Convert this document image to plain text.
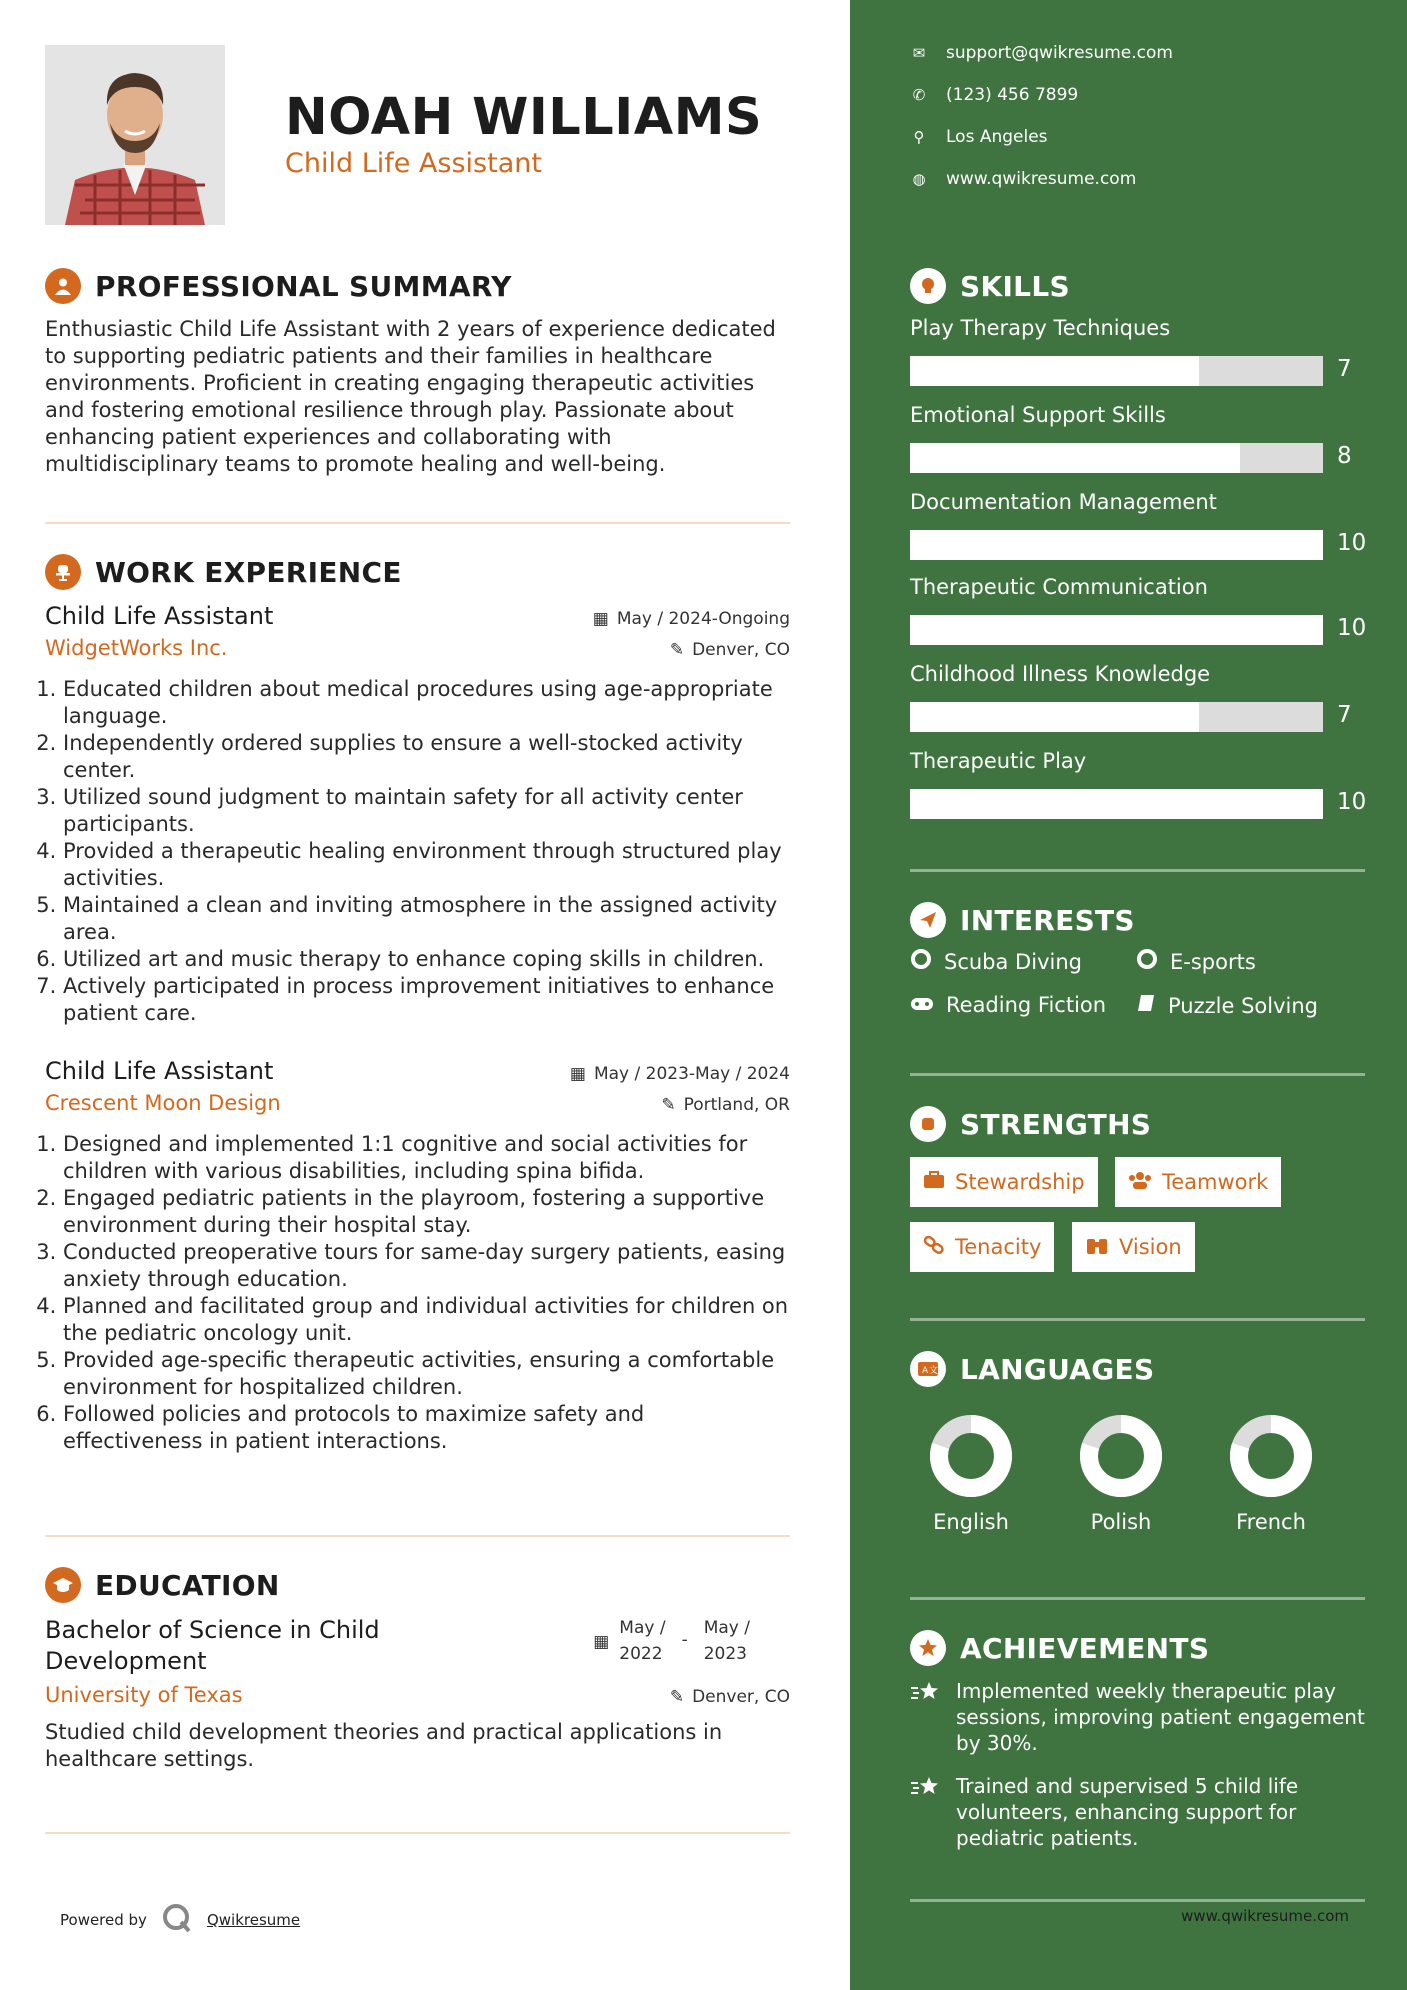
NOAH WILLIAMS
Child Life Assistant
PROFESSIONAL SUMMARY

Enthusiastic Child Life Assistant with 2 years of experience dedicated to supporting pediatric patients and their families in healthcare environments. Proficient in creating engaging therapeutic activities and fostering emotional resilience through play. Passionate about enhancing patient experiences and collaborating with multidisciplinary teams to promote healing and well-being.

WORK EXPERIENCE
Child Life Assistant	▦ May / 2024-Ongoing
WidgetWorks Inc.	✎ Denver, CO
1. Educated children about medical procedures using age-appropriate language.
2. Independently ordered supplies to ensure a well-stocked activity center.
3. Utilized sound judgment to maintain safety for all activity center participants.
4. Provided a therapeutic healing environment through structured play activities.
5. Maintained a clean and inviting atmosphere in the assigned activity area.
6. Utilized art and music therapy to enhance coping skills in children.
7. Actively participated in process improvement initiatives to enhance patient care.
Child Life Assistant	▦ May / 2023-May / 2024
Crescent Moon Design	✎ Portland, OR
1. Designed and implemented 1:1 cognitive and social activities for children with various disabilities, including spina bifida.
2. Engaged pediatric patients in the playroom, fostering a supportive environment during their hospital stay.
3. Conducted preoperative tours for same-day surgery patients, easing anxiety through education.
4. Planned and facilitated group and individual activities for children on the pediatric oncology unit.
5. Provided age-specific therapeutic activities, ensuring a comfortable environment for hospitalized children.
6. Followed policies and protocols to maximize safety and effectiveness in patient interactions.
EDUCATION
Bachelor of Science in Child Development
▦
May /
2022
-
May /
2023
University of Texas	✎ Denver, CO

Studied child development theories and practical applications in healthcare settings.

Powered by	Qwikresume
✉ support@qwikresume.com
✆ (123) 456 7899
⚲ Los Angeles
◍ www.qwikresume.com
SKILLS
Play Therapy Techniques
7
Emotional Support Skills
8
Documentation Management
10
Therapeutic Communication
10
Childhood Illness Knowledge
7
Therapeutic Play
10
INTERESTS
Scuba Diving	E-sports
Reading Fiction	Puzzle Solving
STRENGTHS
Stewardship	Teamwork
Tenacity	Vision
A 文 LANGUAGES
English	Polish	French
ACHIEVEMENTS
Implemented weekly therapeutic play sessions, improving patient engagement by 30%.
Trained and supervised 5 child life volunteers, enhancing support for pediatric patients.
www.qwikresume.com
